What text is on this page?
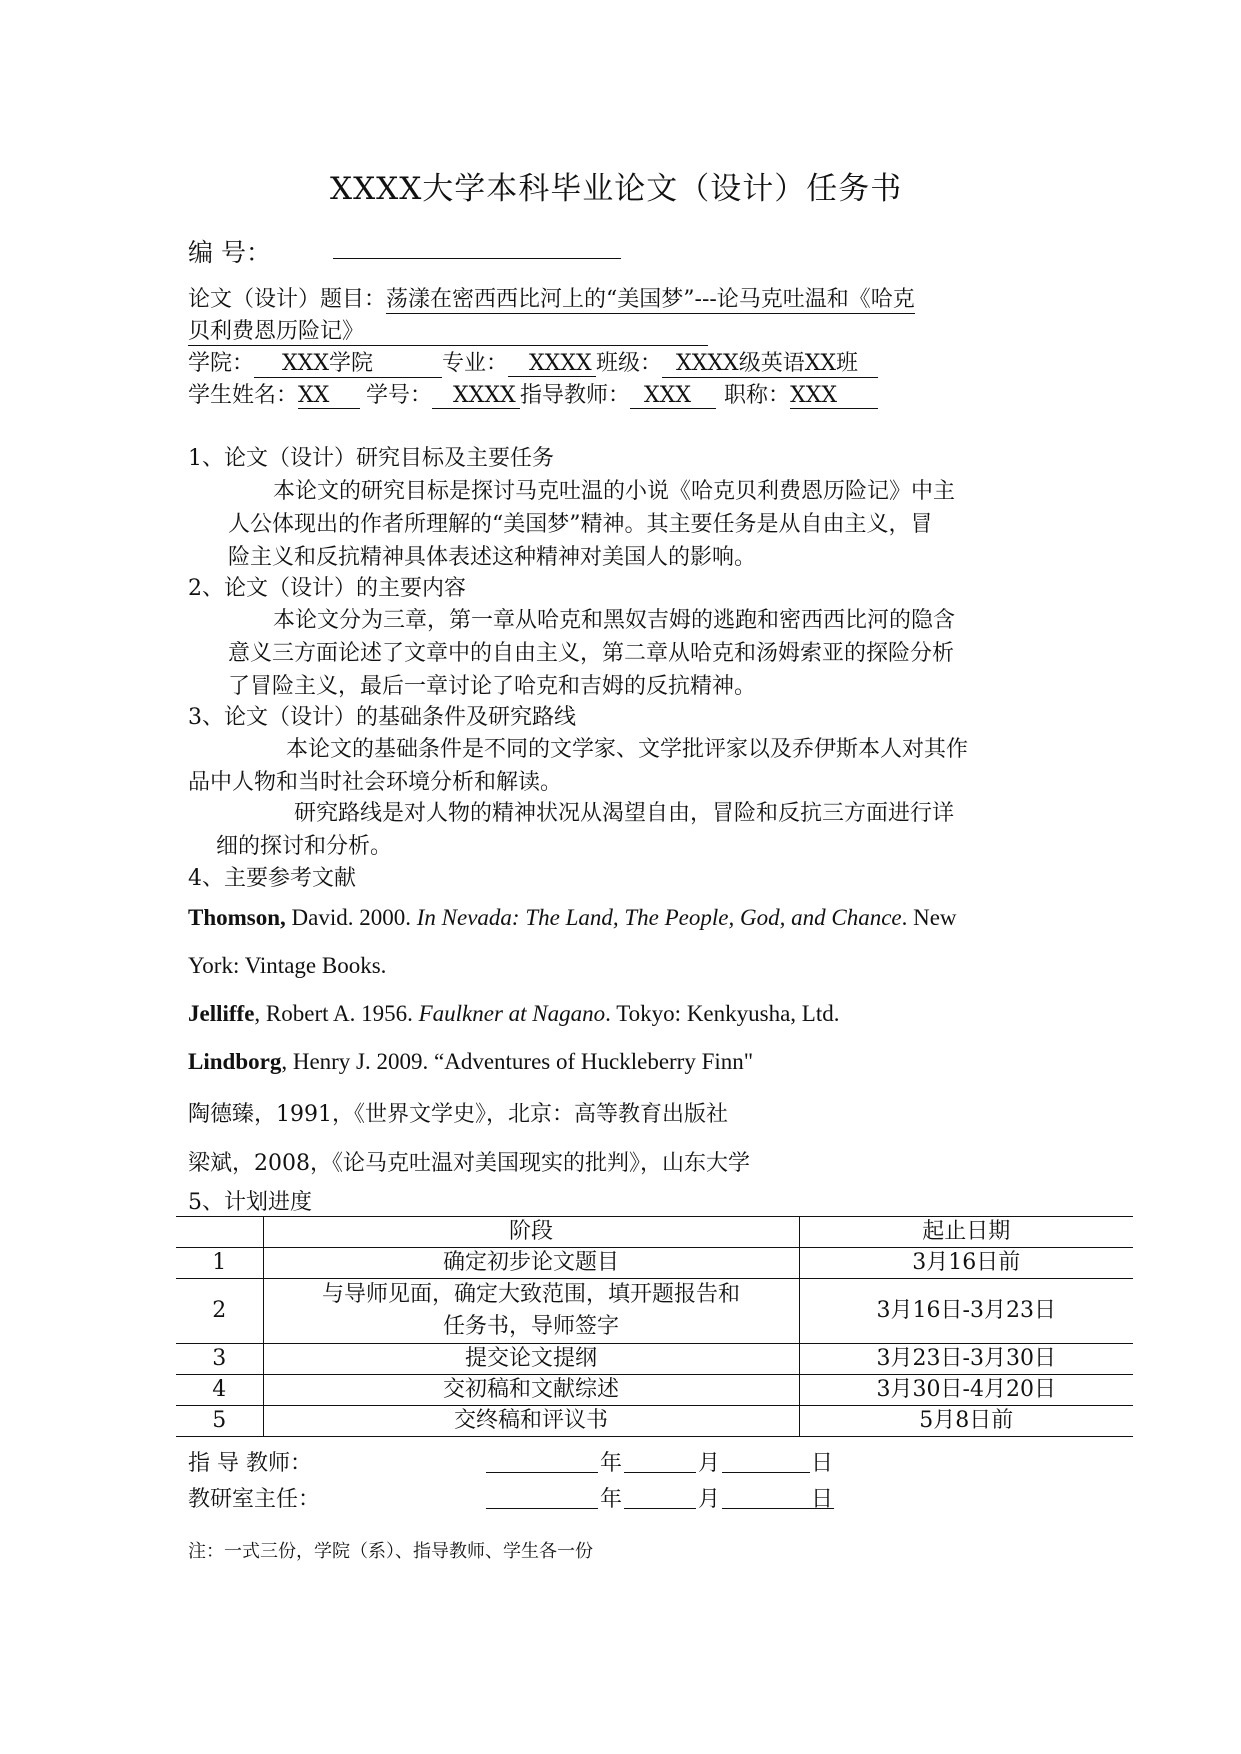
XXXX大学本科毕业论文（设计）任务书
编 号：
论文（设计）题目：荡漾在密西西比河上的“美国梦”---论马克吐温和《哈克
贝利费恩历险记》
学院： XXX学院	专业： XXXX 班级： XXXX级英语XX班
学生姓名：XX 学号： XXXX 指导教师： XXX 职称：XXX
1、论文（设计）研究目标及主要任务
本论文的研究目标是探讨马克吐温的小说《哈克贝利费恩历险记》中主
人公体现出的作者所理解的“美国梦”精神。其主要任务是从自由主义，冒
险主义和反抗精神具体表述这种精神对美国人的影响。
2、论文（设计）的主要内容
本论文分为三章，第一章从哈克和黑奴吉姆的逃跑和密西西比河的隐含
意义三方面论述了文章中的自由主义，第二章从哈克和汤姆索亚的探险分析
了冒险主义，最后一章讨论了哈克和吉姆的反抗精神。
3、论文（设计）的基础条件及研究路线
本论文的基础条件是不同的文学家、文学批评家以及乔伊斯本人对其作
品中人物和当时社会环境分析和解读。
研究路线是对人物的精神状况从渴望自由，冒险和反抗三方面进行详
细的探讨和分析。
4、主要参考文献
Thomson, David. 2000. In Nevada: The Land, The People, God, and Chance. New
York: Vintage Books.
Jelliffe, Robert A. 1956. Faulkner at Nagano. Tokyo: Kenkyusha, Ltd.
Lindborg, Henry J. 2009. “Adventures of Huckleberry Finn"
陶德臻，1991，《世界文学史》，北京：高等教育出版社
梁斌，2008，《论马克吐温对美国现实的批判》，山东大学
5、计划进度
	阶段	起止日期
1	确定初步论文题目	3月16日前
2	与导师见面，确定大致范围，填开题报告和
任务书，导师签字	3月16日-3月23日
3	提交论文提纲	3月23日-3月30日
4	交初稿和文献综述	3月30日-4月20日
5	交终稿和评议书	5月8日前
指 导 教师：	年	月	日
教研室主任：	年	月	日
注：一式三份，学院（系）、指导教师、学生各一份
